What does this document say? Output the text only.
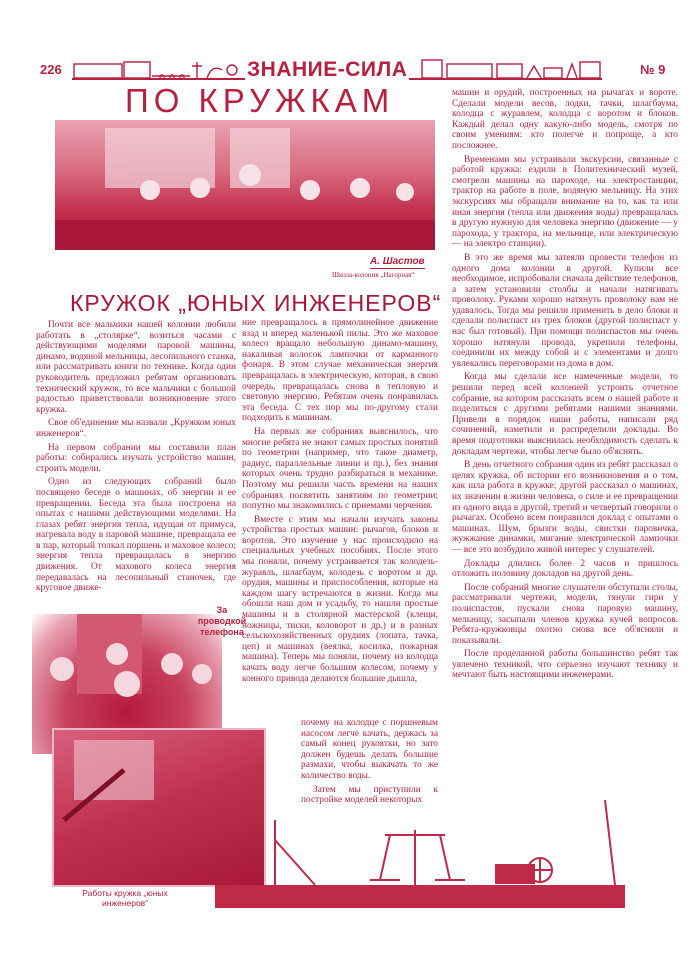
226	ЗНАНИЕ-СИЛА	№ 9
ПО КРУЖКАМ
А. Шастов
Школа-колония „Нагорная“
КРУЖОК „ЮНЫХ ИНЖЕНЕРОВ“

Почти все мальчики нашей колонии любили работать в „столярке“, возиться часами с действующими моделями паровой машины, динамо, водяной мельницы, лесопильного станка, или рассматривать книги по технике. Когда один руководитель предложил ребятам организовать технический кружок, то все мальчики с большой радостью приветствовали возникновение этого кружка.

Свое об'единение мы назвали „Кружком юных инженеров“.

На первом собрании мы составили план работы: собирались изучать устройство машин, строить модели.

Одно из следующих собраний было посвящено беседе о машинах, об энергии и ее превращении. Беседа эта была построена на опытах с нашими действующими моделями. На глазах ребят энергия тепла, идущая от примуса, нагревала воду в паровой машине, превращала ее в пар, который толкал поршень и маховое колесо; энергия тепла превращалась в энергию движения. От махового колеса энергия передавалась на лесопильный станочек, где круговое движе-

ние превращалось в прямолинейное движение взад и вперед маленькой пилы. Это же маховое колесо вращало небольшую динамо-машину, накаливая волосок лампочки от карманного фонаря. В этом случае механическая энергия превращалась в электрическую, которая, в свою очередь, превращалась снова в тепловую и световую энергию. Ребятам очень понравилась эта беседа. С тех пор мы по-другому стали подходить к машинам.

На первых же собраниях выяснилось, что многие ребята не знают самых простых понятий по геометрии (например, что такое диаметр, радиус, параллельные линии и пр.), без знания которых очень трудно разбираться в механике. Поэтому мы решили часть времени на наших собраниях посвятить занятиям по геометрии; попутно мы знакомились с приемами черчения.

Вместе с этим мы начали изучать законы устройства простых машин: рычагов, блоков и воротов. Это изучение у нас происходило на специальных учебных пособиях. После этого мы поняли, почему устраивается так колодезь-журавль, шлагбаум, колодезь с воротом и др. орудия, машины и приспособления, которые на каждом шагу встречаются в жизни. Когда мы обошли наш дом и усадьбу, то нашли простые машины и в столярной мастерской (клещи, ножницы, тиски, коловорот и др.) и в разных сельскохозяйственных орудиях (лопата, тачка, цеп) и машинах (веялка, косилка, пожарная машина). Теперь мы поняли, почему из колодца качать воду легче большим колесом, почему у конного привода делаются большие дышла,

почему на колодце с поршневым насосом легче качать, держась за самый конец рукоятки, но зато должен будешь делать большие размахи, чтобы выкачать то же количество воды.

Затем мы приступили к постройке моделей некоторых

машин и орудий, построенных на рычагах и вороте. Сделали модели весов, лодки, тачки, шлагбаума, колодца с журавлем, колодца с воротом и блоков. Каждый делал одну какую-либо модель, смотря по своим умениям: кто полегче и попроще, а кто посложнее.

Временами мы устраивали экскурсии, связанные с работой кружка: ездили в Политехнический музей, смотрели машины на пароходе, на электростанции, трактор на работе в поле, водяную мельницу. На этих экскурсиях мы обращали внимание на то, как та или иная энергия (тепла или движения воды) превращалась в другую нужную для человека энергию (движение — у парохода, у трактора, на мельнице, или электрическую — на электро станции).

В это же время мы затеяли провести телефон из одного дома колонии в другой. Купили все необходимое, испробовали сначала действие телефонов, а затем установили столбы и начали натягивать проволоку. Руками хорошо натянуть проволоку нам не удавалось. Тогда мы решили применить в дело блоки и сделали полиспаст из трех блоков (другой полиспаст у нас был готовый). При помощи полиспастов мы очень хорошо натянули провода, укрепили телефоны, соединили их между собой и с элементами и долго увлекались переговорами из дома в дом.

Когда мы сделали все намеченные модели, то решили перед всей колонией устроить отчетное собрание, на котором рассказать всем о нашей работе и поделиться с другими ребятами нашими знаниями. Привели в порядок наши работы, написали ряд сочинений, наметили и распределили доклады. Во время подготовки выяснилась необходимость сделать к докладам чертежи, чтобы легче было об'яснять.

В день отчетного собрания один из ребят рассказал о целях кружка, об истории его возникновения и о том, как шла работа в кружке; другой рассказал о машинах, их значении в жизни человека, о силе и ее превращении из одного вида в другой, третий и четвертый говорили о рычагах. Особено всем понравился доклад с опытами о машинах. Шум, брызги воды, свистки паровичка, жужжание динамки, мигание электрической лампочки — все это возбудило живой интерес у слушателей.

Доклады длились более 2 часов и пришлось отложить половину докладов на другой день.

После собраний многие слушатели обступали столы, рассматривали чертежи, модели, тянули гири у полиспастов, пускали снова паровую машину, мельницу, засыпали членов кружка кучей вопросов. Ребята-кружковцы охотно снова все об'ясняли и показывали.

После проделанной работы большинство ребят так увлечено техникой, что серьезно изучают технику и мечтают быть настоящими инженерами.

За проводкой телефона
Работы кружка „юных инженеров“
